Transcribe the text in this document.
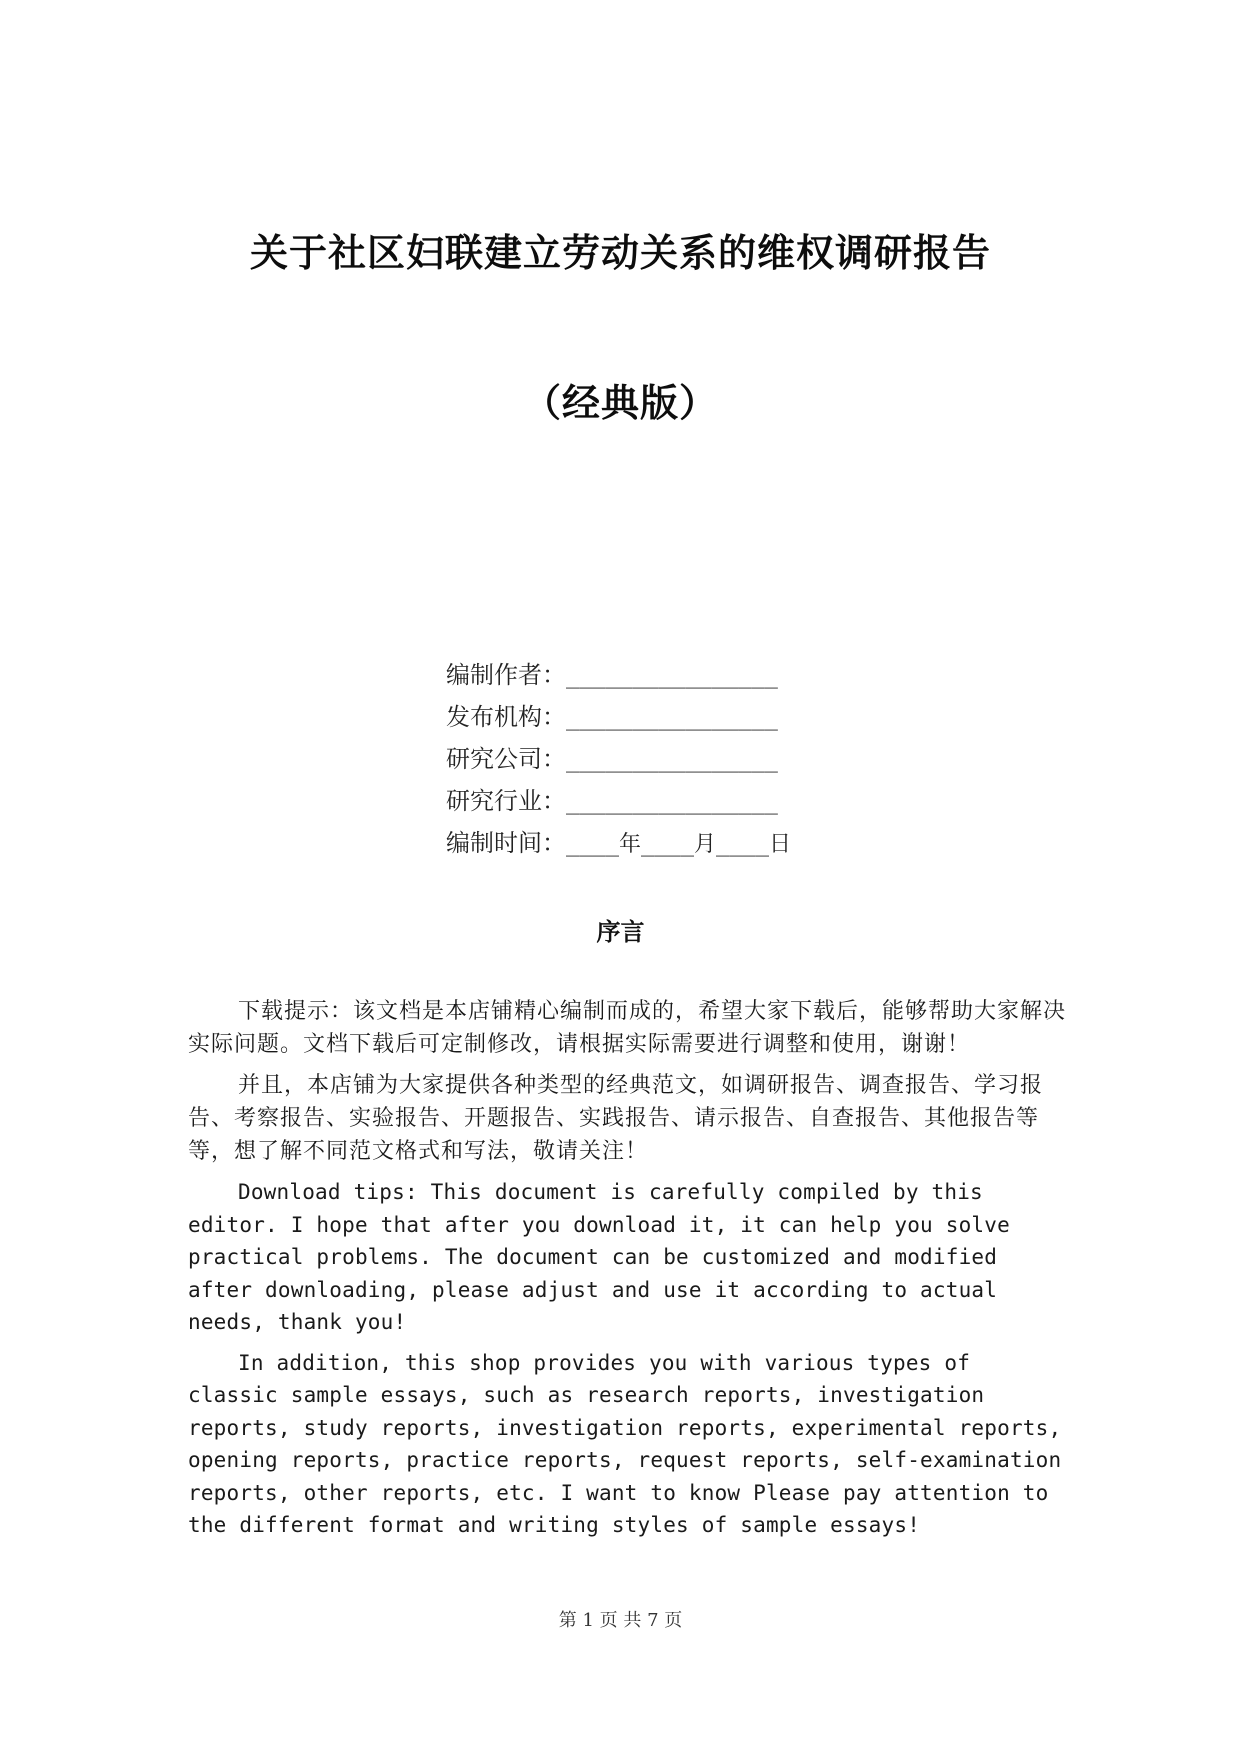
关于社区妇联建立劳动关系的维权调研报告
（经典版）
编制作者：________________
发布机构：________________
研究公司：________________
研究行业：________________
编制时间：____年____月____日
序言

下载提示：该文档是本店铺精心编制而成的，希望大家下载后，能够帮助大家解决实际问题。文档下载后可定制修改，请根据实际需要进行调整和使用，谢谢！

并且，本店铺为大家提供各种类型的经典范文，如调研报告、调查报告、学习报告、考察报告、实验报告、开题报告、实践报告、请示报告、自查报告、其他报告等等，想了解不同范文格式和写法，敬请关注！

Download tips: This document is carefully compiled by this editor. I hope that after you download it, it can help you solve practical problems. The document can be customized and modified after downloading, please adjust and use it according to actual needs, thank you!

In addition, this shop provides you with various types of classic sample essays, such as research reports, investigation reports, study reports, investigation reports, experimental reports, opening reports, practice reports, request reports, self-examination reports, other reports, etc. I want to know Please pay attention to the different format and writing styles of sample essays!

第 1 页 共 7 页
